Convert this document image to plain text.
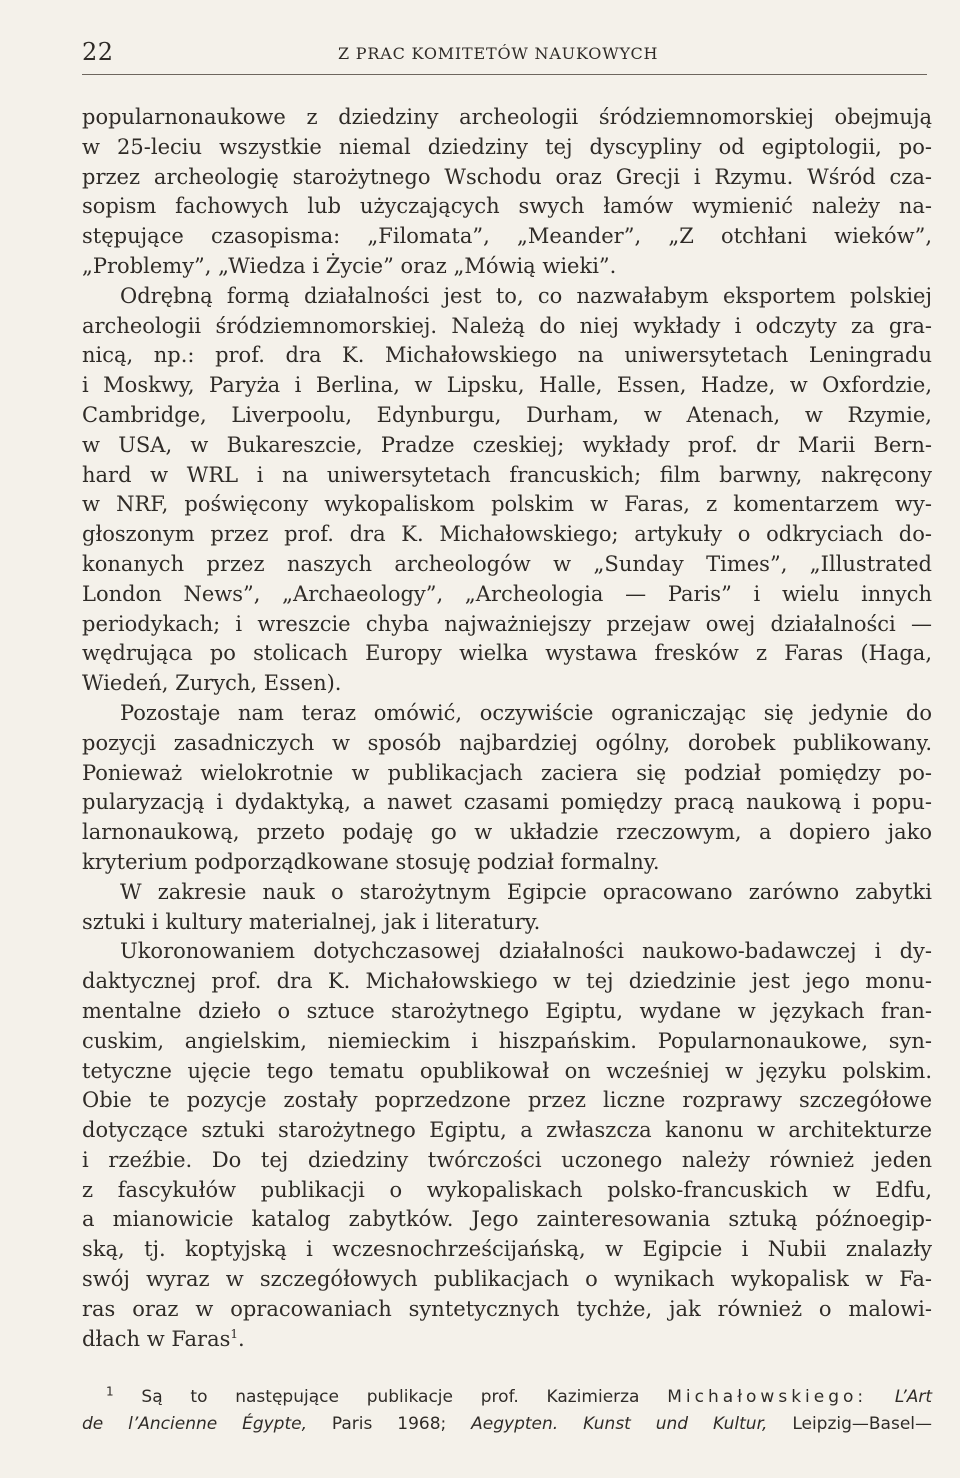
22	Z PRAC KOMITETÓW NAUKOWYCH
popularnonaukowe z dziedziny archeologii śródziemnomorskiej obejmują
w 25-leciu wszystkie niemal dziedziny tej dyscypliny od egiptologii, po-
przez archeologię starożytnego Wschodu oraz Grecji i Rzymu. Wśród cza-
sopism fachowych lub użyczających swych łamów wymienić należy na-
stępujące czasopisma: „Filomata”, „Meander”, „Z otchłani wieków”,
„Problemy”, „Wiedza i Życie” oraz „Mówią wieki”.
Odrębną formą działalności jest to, co nazwałabym eksportem polskiej
archeologii śródziemnomorskiej. Należą do niej wykłady i odczyty za gra-
nicą, np.: prof. dra K. Michałowskiego na uniwersytetach Leningradu
i Moskwy, Paryża i Berlina, w Lipsku, Halle, Essen, Hadze, w Oxfordzie,
Cambridge, Liverpoolu, Edynburgu, Durham, w Atenach, w Rzymie,
w USA, w Bukareszcie, Pradze czeskiej; wykłady prof. dr Marii Bern-
hard w WRL i na uniwersytetach francuskich; film barwny, nakręcony
w NRF, poświęcony wykopaliskom polskim w Faras, z komentarzem wy-
głoszonym przez prof. dra K. Michałowskiego; artykuły o odkryciach do-
konanych przez naszych archeologów w „Sunday Times”, „Illustrated
London News”, „Archaeology”, „Archeologia — Paris” i wielu innych
periodykach; i wreszcie chyba najważniejszy przejaw owej działalności —
wędrująca po stolicach Europy wielka wystawa fresków z Faras (Haga,
Wiedeń, Zurych, Essen).
Pozostaje nam teraz omówić, oczywiście ograniczając się jedynie do
pozycji zasadniczych w sposób najbardziej ogólny, dorobek publikowany.
Ponieważ wielokrotnie w publikacjach zaciera się podział pomiędzy po-
pularyzacją i dydaktyką, a nawet czasami pomiędzy pracą naukową i popu-
larnonaukową, przeto podaję go w układzie rzeczowym, a dopiero jako
kryterium podporządkowane stosuję podział formalny.
W zakresie nauk o starożytnym Egipcie opracowano zarówno zabytki
sztuki i kultury materialnej, jak i literatury.
Ukoronowaniem dotychczasowej działalności naukowo-badawczej i dy-
daktycznej prof. dra K. Michałowskiego w tej dziedzinie jest jego monu-
mentalne dzieło o sztuce starożytnego Egiptu, wydane w językach fran-
cuskim, angielskim, niemieckim i hiszpańskim. Popularnonaukowe, syn-
tetyczne ujęcie tego tematu opublikował on wcześniej w języku polskim.
Obie te pozycje zostały poprzedzone przez liczne rozprawy szczegółowe
dotyczące sztuki starożytnego Egiptu, a zwłaszcza kanonu w architekturze
i rzeźbie. Do tej dziedziny twórczości uczonego należy również jeden
z fascykułów publikacji o wykopaliskach polsko-francuskich w Edfu,
a mianowicie katalog zabytków. Jego zainteresowania sztuką późnoegip-
ską, tj. koptyjską i wczesnochrześcijańską, w Egipcie i Nubii znalazły
swój wyraz w szczegółowych publikacjach o wynikach wykopalisk w Fa-
ras oraz w opracowaniach syntetycznych tychże, jak również o malowi-
dłach w Faras$^1$.
$^1$ Są to następujące publikacje prof. Kazimierza Michałowskiego: L’Art
de l’Ancienne Égypte, Paris 1968; Aegypten. Kunst und Kultur, Leipzig—Basel—
